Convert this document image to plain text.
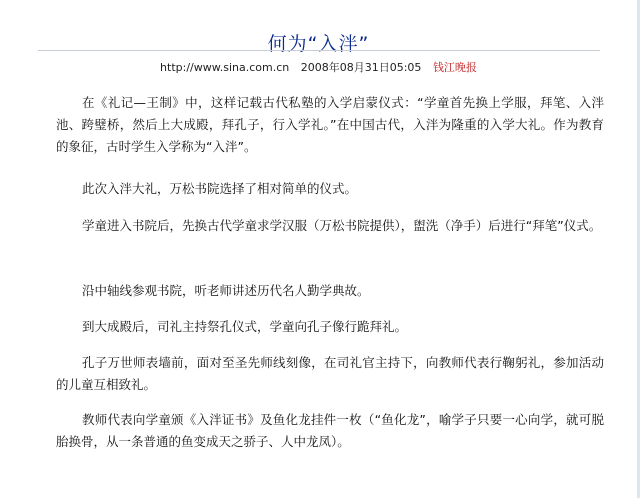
何为“入泮”
http://www.sina.com.cn 2008年08月31日05:05 钱江晚报

在《礼记—王制》中，这样记载古代私塾的入学启蒙仪式：“学童首先换上学服，拜笔、入泮池、跨璧桥，然后上大成殿，拜孔子，行入学礼。”在中国古代，入泮为隆重的入学大礼。作为教育的象征，古时学生入学称为“入泮”。

此次入泮大礼，万松书院选择了相对简单的仪式。

学童进入书院后，先换古代学童求学汉服（万松书院提供），盥洗（净手）后进行“拜笔”仪式。

沿中轴线参观书院，听老师讲述历代名人勤学典故。

到大成殿后，司礼主持祭孔仪式，学童向孔子像行跪拜礼。

孔子万世师表墙前，面对至圣先师线刻像，在司礼官主持下，向教师代表行鞠躬礼，参加活动的儿童互相致礼。

教师代表向学童颁《入泮证书》及鱼化龙挂件一枚（“鱼化龙”，喻学子只要一心向学，就可脱胎换骨，从一条普通的鱼变成天之骄子、人中龙凤）。
